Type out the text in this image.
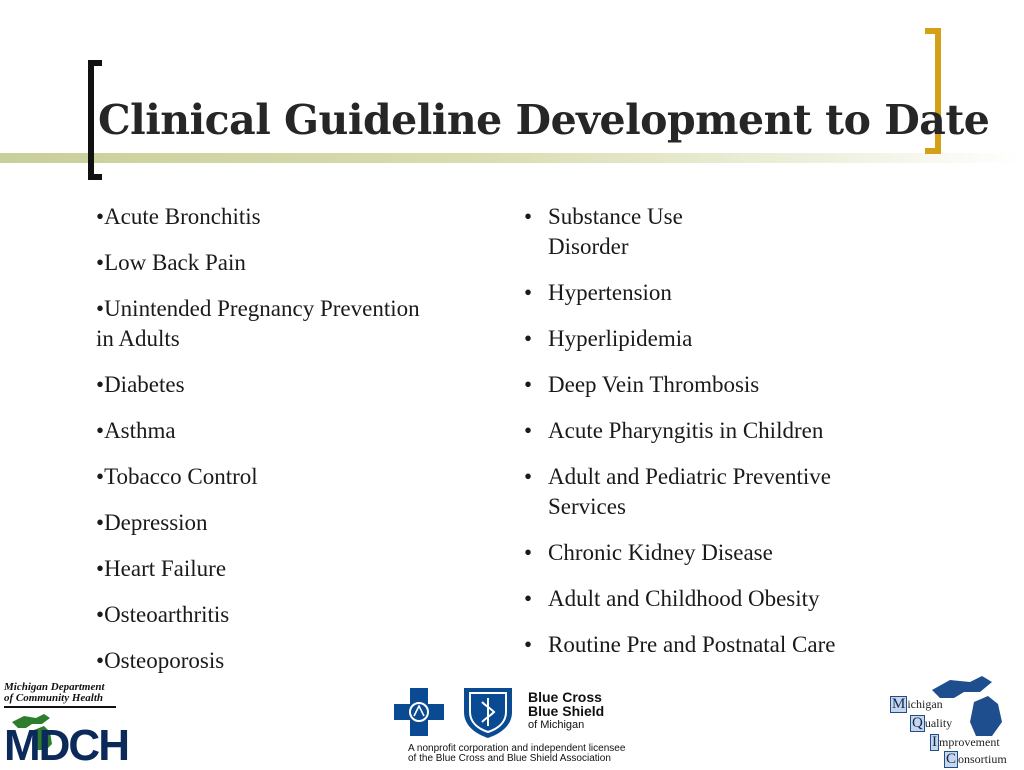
Clinical Guideline Development to Date
•Acute Bronchitis
•Low Back Pain
•Unintended Pregnancy Prevention in Adults
•Diabetes
•Asthma
•Tobacco Control
•Depression
•Heart Failure
•Osteoarthritis
•Osteoporosis
• Substance Use Disorder
• Hypertension
• Hyperlipidemia
• Deep Vein Thrombosis
• Acute Pharyngitis in Children
• Adult and Pediatric Preventive Services
• Chronic Kidney Disease
• Adult and Childhood Obesity
• Routine Pre and Postnatal Care
Michigan Department
of Community Health
MDCH
Blue Cross
Blue Shield
of Michigan
A nonprofit corporation and independent licensee
of the Blue Cross and Blue Shield Association
M ichigan
Q uality
I mprovement
C onsortium
